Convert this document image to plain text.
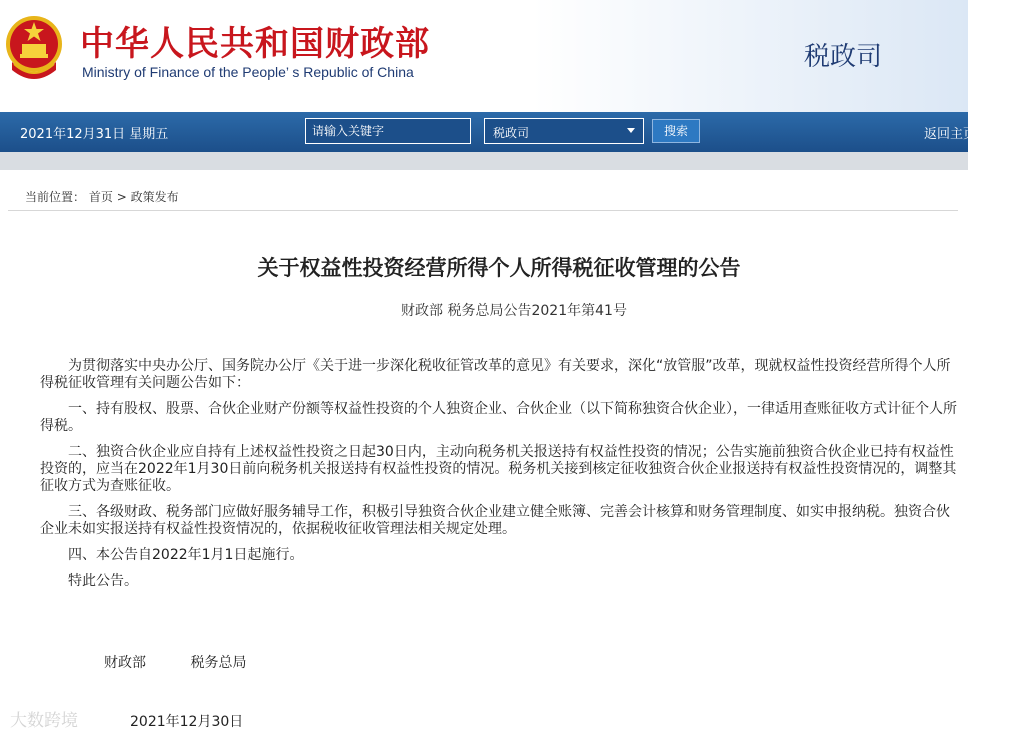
中华人民共和国财政部
Ministry of Finance of the People’ s Republic of China	税政司
2021年12月31日 星期五
请输入关键字	税政司	搜索	返回主页
当前位置： 首页 > 政策发布
关于权益性投资经营所得个人所得税征收管理的公告
财政部 税务总局公告2021年第41号

为贯彻落实中央办公厅、国务院办公厅《关于进一步深化税收征管改革的意见》有关要求，深化“放管服”改革，现就权益性投资经营所得个人所得税征收管理有关问题公告如下：

一、持有股权、股票、合伙企业财产份额等权益性投资的个人独资企业、合伙企业（以下简称独资合伙企业），一律适用查账征收方式计征个人所得税。

二、独资合伙企业应自持有上述权益性投资之日起30日内，主动向税务机关报送持有权益性投资的情况；公告实施前独资合伙企业已持有权益性投资的，应当在2022年1月30日前向税务机关报送持有权益性投资的情况。税务机关接到核定征收独资合伙企业报送持有权益性投资情况的，调整其征收方式为查账征收。

三、各级财政、税务部门应做好服务辅导工作，积极引导独资合伙企业建立健全账簿、完善会计核算和财务管理制度、如实申报纳税。独资合伙企业未如实报送持有权益性投资情况的，依据税收征收管理法相关规定处理。

四、本公告自2022年1月1日起施行。

特此公告。

财政部	税务总局
大数跨境	2021年12月30日
